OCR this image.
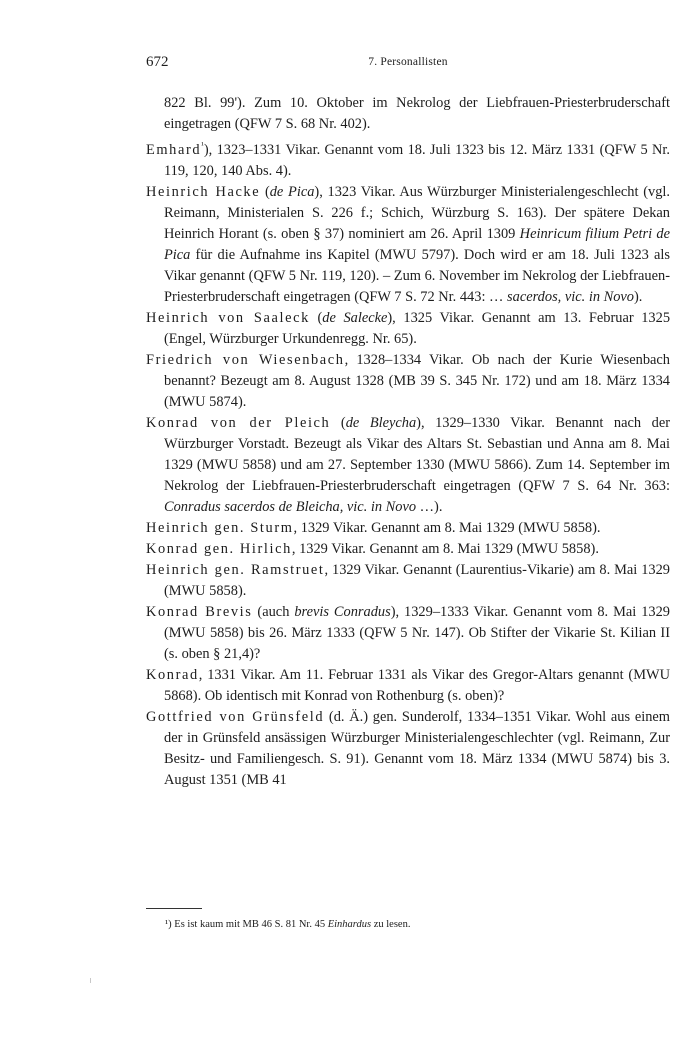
672	7. Personallisten

822 Bl. 99'). Zum 10. Oktober im Nekrolog der Liebfrauen-Priesterbruderschaft eingetragen (QFW 7 S. 68 Nr. 402).

Emhard$^{^1}$), 1323–1331 Vikar. Genannt vom 18. Juli 1323 bis 12. März 1331 (QFW 5 Nr. 119, 120, 140 Abs. 4).

Heinrich Hacke (de Pica), 1323 Vikar. Aus Würzburger Ministerialengeschlecht (vgl. Reimann, Ministerialen S. 226 f.; Schich, Würzburg S. 163). Der spätere Dekan Heinrich Horant (s. oben § 37) nominiert am 26. April 1309 Heinricum filium Petri de Pica für die Aufnahme ins Kapitel (MWU 5797). Doch wird er am 18. Juli 1323 als Vikar genannt (QFW 5 Nr. 119, 120). – Zum 6. November im Nekrolog der Liebfrauen-Priesterbruderschaft eingetragen (QFW 7 S. 72 Nr. 443: … sacerdos, vic. in Novo).

Heinrich von Saaleck (de Salecke), 1325 Vikar. Genannt am 13. Februar 1325 (Engel, Würzburger Urkundenregg. Nr. 65).

Friedrich von Wiesenbach, 1328–1334 Vikar. Ob nach der Kurie Wiesenbach benannt? Bezeugt am 8. August 1328 (MB 39 S. 345 Nr. 172) und am 18. März 1334 (MWU 5874).

Konrad von der Pleich (de Bleycha), 1329–1330 Vikar. Benannt nach der Würzburger Vorstadt. Bezeugt als Vikar des Altars St. Sebastian und Anna am 8. Mai 1329 (MWU 5858) und am 27. September 1330 (MWU 5866). Zum 14. September im Nekrolog der Liebfrauen-Priesterbruderschaft eingetragen (QFW 7 S. 64 Nr. 363: Conradus sacerdos de Bleicha, vic. in Novo …).

Heinrich gen. Sturm, 1329 Vikar. Genannt am 8. Mai 1329 (MWU 5858).

Konrad gen. Hirlich, 1329 Vikar. Genannt am 8. Mai 1329 (MWU 5858).

Heinrich gen. Ramstruet, 1329 Vikar. Genannt (Laurentius-Vikarie) am 8. Mai 1329 (MWU 5858).

Konrad Brevis (auch brevis Conradus), 1329–1333 Vikar. Genannt vom 8. Mai 1329 (MWU 5858) bis 26. März 1333 (QFW 5 Nr. 147). Ob Stifter der Vikarie St. Kilian II (s. oben § 21,4)?

Konrad, 1331 Vikar. Am 11. Februar 1331 als Vikar des Gregor-Altars genannt (MWU 5868). Ob identisch mit Konrad von Rothenburg (s. oben)?

Gottfried von Grünsfeld (d. Ä.) gen. Sunderolf, 1334–1351 Vikar. Wohl aus einem der in Grünsfeld ansässigen Würzburger Ministerialengeschlechter (vgl. Reimann, Zur Besitz- und Familiengesch. S. 91). Genannt vom 18. März 1334 (MWU 5874) bis 3. August 1351 (MB 41

¹) Es ist kaum mit MB 46 S. 81 Nr. 45 Einhardus zu lesen.
